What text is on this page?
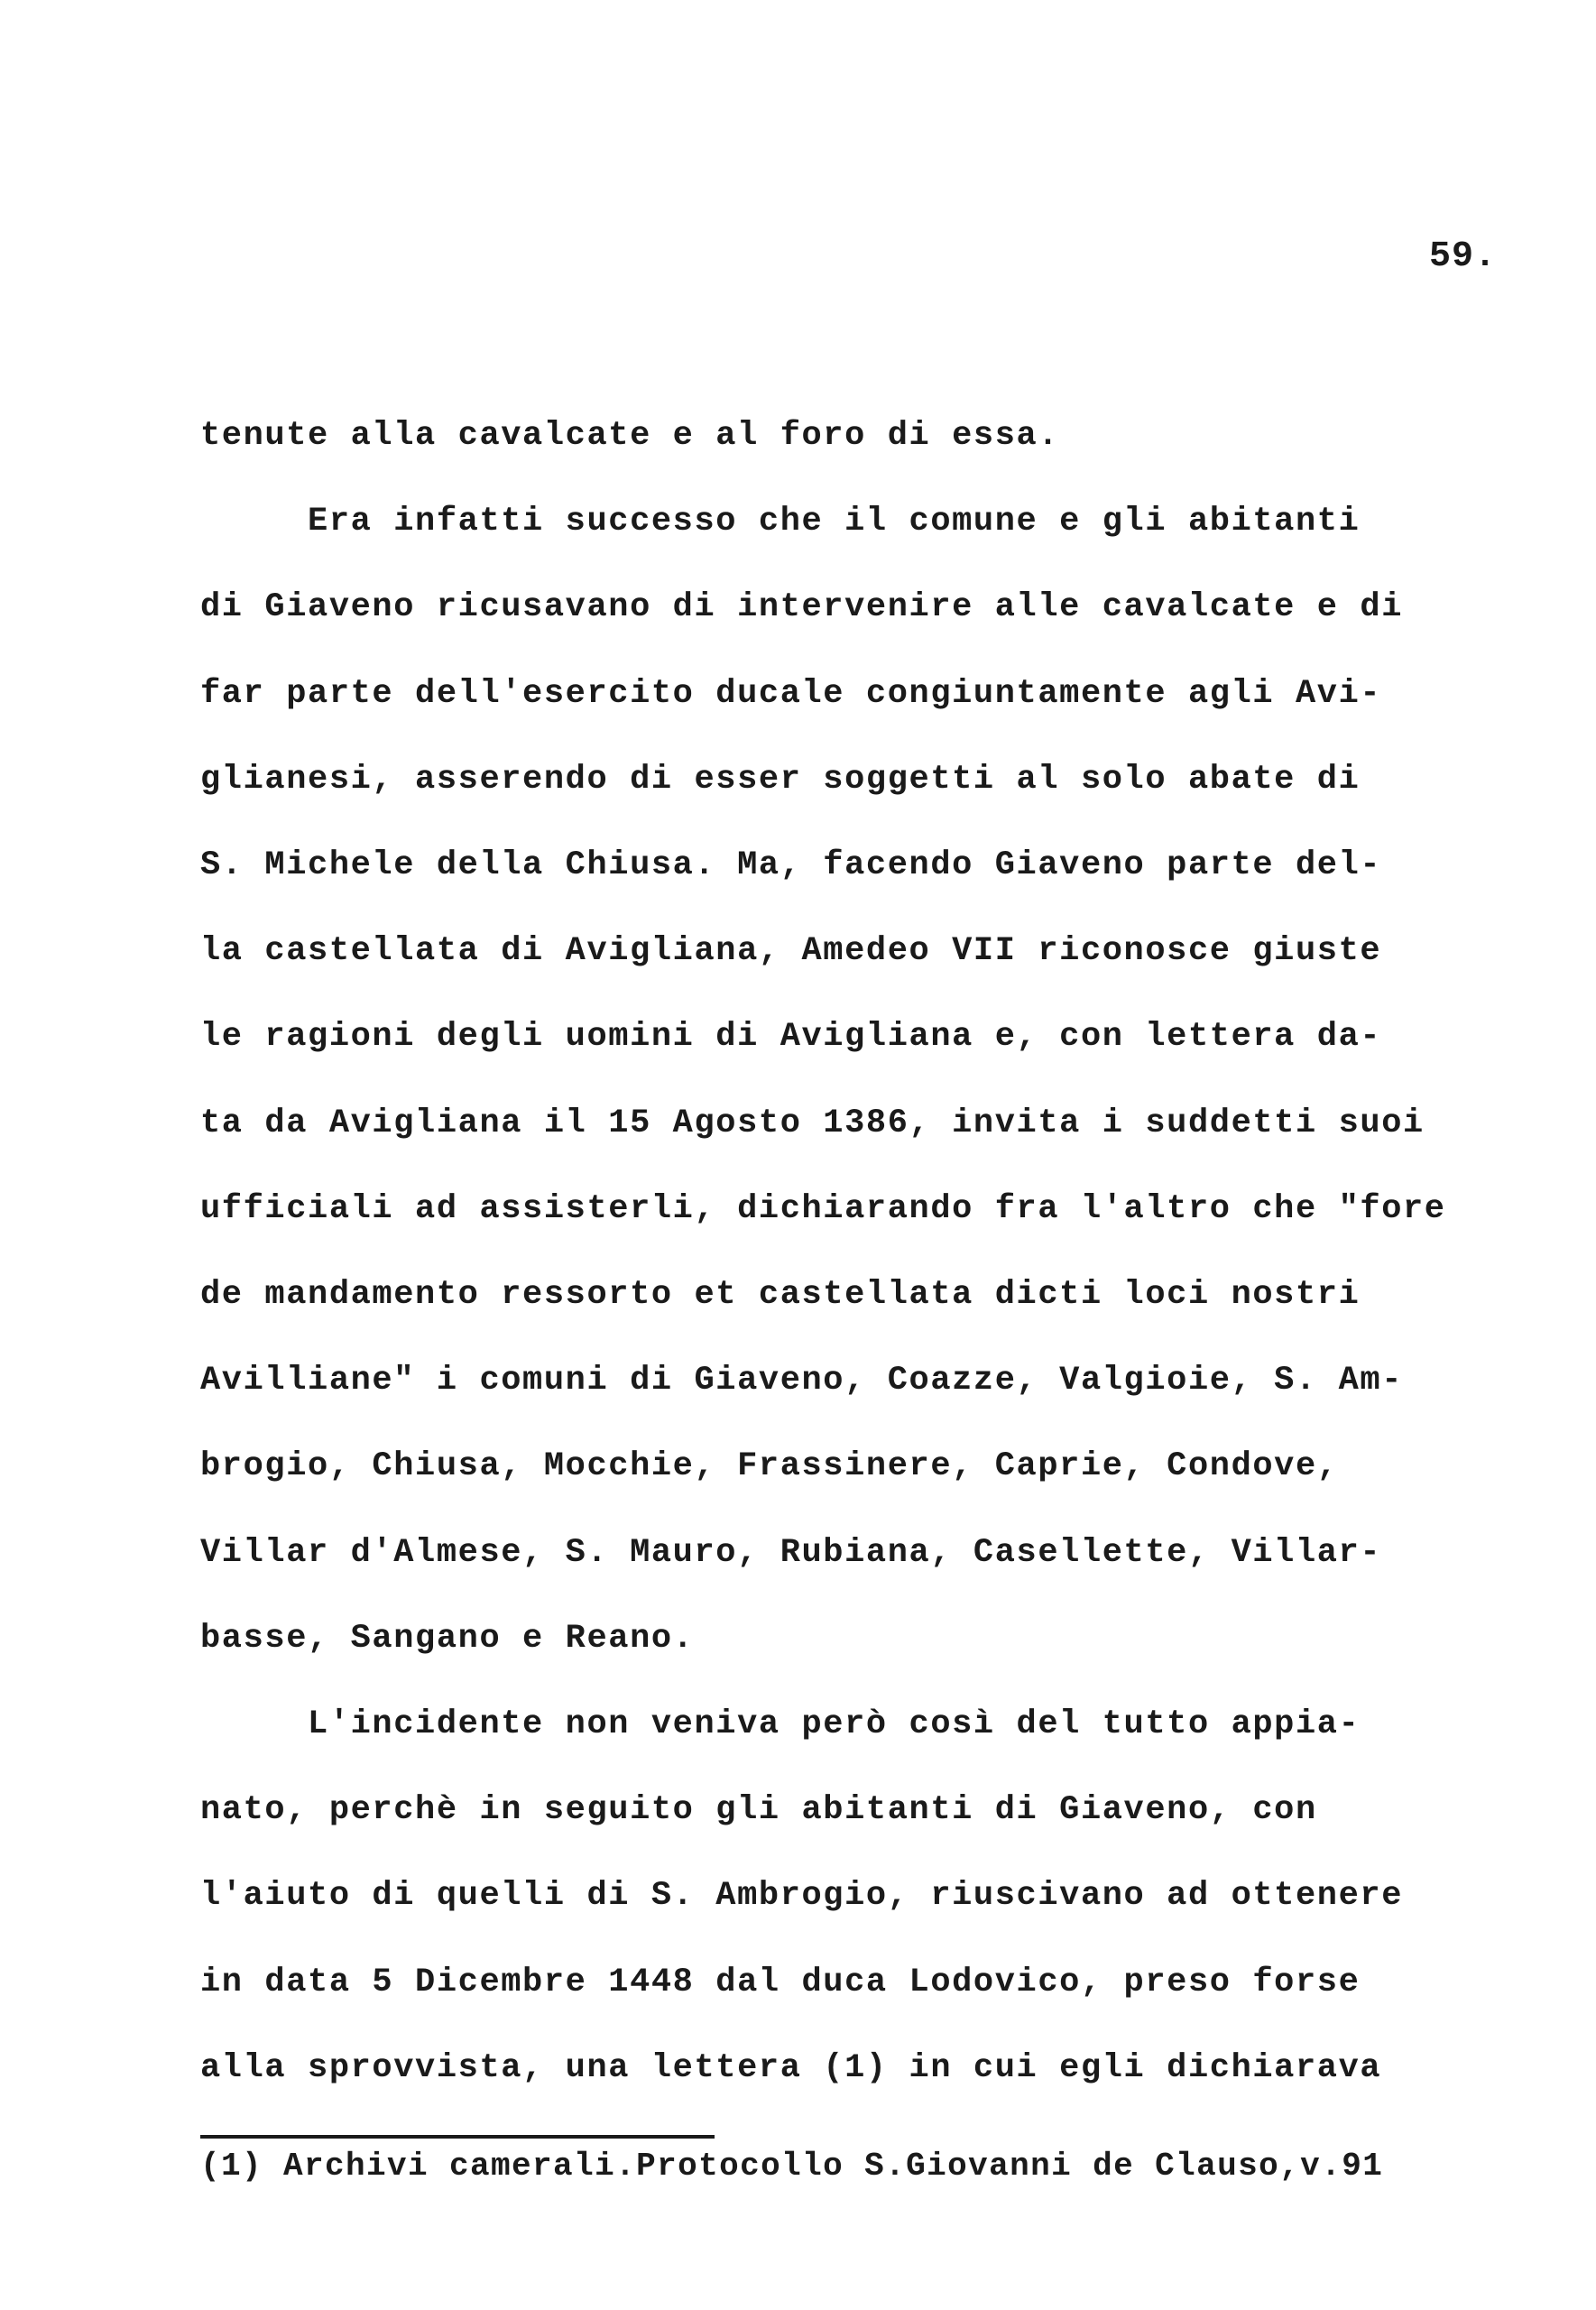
59.
tenute alla cavalcate e al foro di essa.
Era infatti successo che il comune e gli abitanti
di Giaveno ricusavano di intervenire alle cavalcate e di
far parte dell'esercito ducale congiuntamente agli Avi-
glianesi, asserendo di esser soggetti al solo abate di
S. Michele della Chiusa. Ma, facendo Giaveno parte del-
la castellata di Avigliana, Amedeo VII riconosce giuste
le ragioni degli uomini di Avigliana e, con lettera da-
ta da Avigliana il 15 Agosto 1386, invita i suddetti suoi
ufficiali ad assisterli, dichiarando fra l'altro che "fore
de mandamento ressorto et castellata dicti loci nostri
Avilliane" i comuni di Giaveno, Coazze, Valgioie, S. Am-
brogio, Chiusa, Mocchie, Frassinere, Caprie, Condove,
Villar d'Almese, S. Mauro, Rubiana, Casellette, Villar-
basse, Sangano e Reano.
L'incidente non veniva però così del tutto appia-
nato, perchè in seguito gli abitanti di Giaveno, con
l'aiuto di quelli di S. Ambrogio, riuscivano ad ottenere
in data 5 Dicembre 1448 dal duca Lodovico, preso forse
alla sprovvista, una lettera (1) in cui egli dichiarava
(1) Archivi camerali.Protocollo S.Giovanni de Clauso,v.91
